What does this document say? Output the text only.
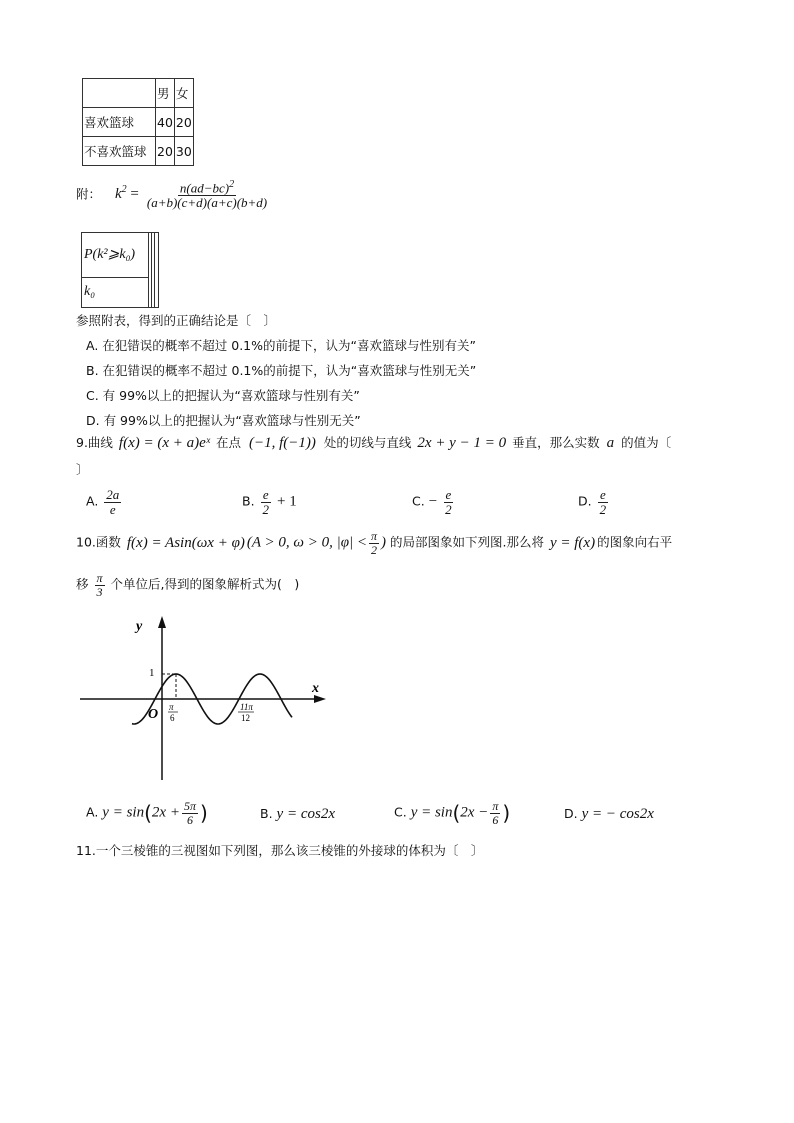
	男	女
喜欢篮球	40	20
不喜欢篮球	20	30
附： $k^2 = \frac{n(ad-bc)^2}{(a+b)(c+d)(a+c)(b+d)}$
P(k²⩾k₀)
k₀
参照附表，得到的正确结论是〔　〕
A. 在犯错误的概率不超过 0.1%的前提下，认为“喜欢篮球与性别有关”
B. 在犯错误的概率不超过 0.1%的前提下，认为“喜欢篮球与性别无关”
C. 有 99%以上的把握认为“喜欢篮球与性别有关”
D. 有 99%以上的把握认为“喜欢篮球与性别无关”
9.曲线 f(x) = (x + a)eˣ 在点 (−1, f(−1)) 处的切线与直线 2x + y − 1 = 0 垂直，那么实数 a 的值为〔
〕
A. $\frac{2a}{e}$	B. $\frac{e}{2} + 1$	C. − $\frac{e}{2}$	D. $\frac{e}{2}$
10.函数 f(x) = Asin(ωx + φ) (A > 0, ω > 0, $|\varphi| < \frac{\pi}{2}$ ) 的局部图象如下列图.那么将 y = f(x) 的图象向右平
移 $\frac{\pi}{3}$ 个单位后,得到的图象解析式为(　)
y
x
O
1
π
6
11π
12
A. $y = \sin(2x + \frac{5\pi}{6}$ )	B. y = cos2x	C. $y = \sin(2x - \frac{\pi}{6}$ )	D. y = − cos2x
11.一个三棱锥的三视图如下列图，那么该三棱锥的外接球的体积为〔　〕
